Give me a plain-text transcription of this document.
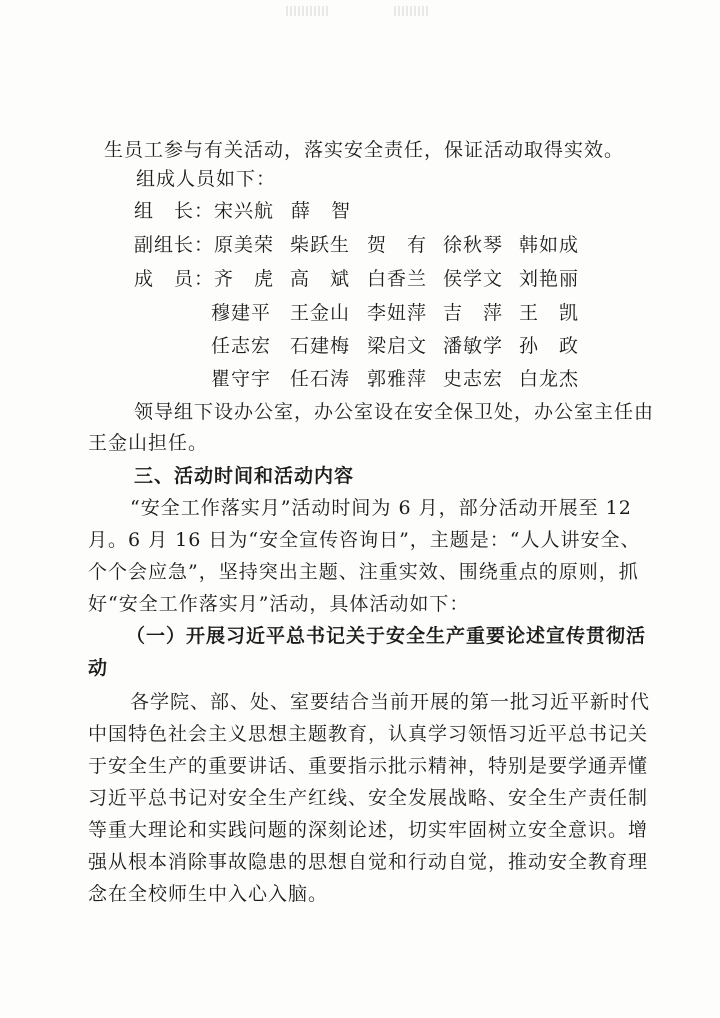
生员工参与有关活动，落实安全责任，保证活动取得实效。
组成人员如下：
组　长： 宋兴航 薛　智
副组长： 原美荣 柴跃生 贺　有 徐秋琴 韩如成
成　员： 齐　虎 高　斌 白香兰 侯学文 刘艳丽
穆建平 王金山 李妞萍 吉　萍 王　凯
任志宏 石建梅 梁启文 潘敏学 孙　政
瞿守宇 任石涛 郭雅萍 史志宏 白龙杰
领导组下设办公室，办公室设在安全保卫处，办公室主任由
王金山担任。
三、活动时间和活动内容
“安全工作落实月”活动时间为 6 月，部分活动开展至 12
月。6 月 16 日为“安全宣传咨询日”，主题是：“人人讲安全、
个个会应急”，坚持突出主题、注重实效、围绕重点的原则，抓
好“安全工作落实月”活动，具体活动如下：
（一）开展习近平总书记关于安全生产重要论述宣传贯彻活
动
各学院、部、处、室要结合当前开展的第一批习近平新时代
中国特色社会主义思想主题教育，认真学习领悟习近平总书记关
于安全生产的重要讲话、重要指示批示精神，特别是要学通弄懂
习近平总书记对安全生产红线、安全发展战略、安全生产责任制
等重大理论和实践问题的深刻论述，切实牢固树立安全意识。增
强从根本消除事故隐患的思想自觉和行动自觉，推动安全教育理
念在全校师生中入心入脑。
